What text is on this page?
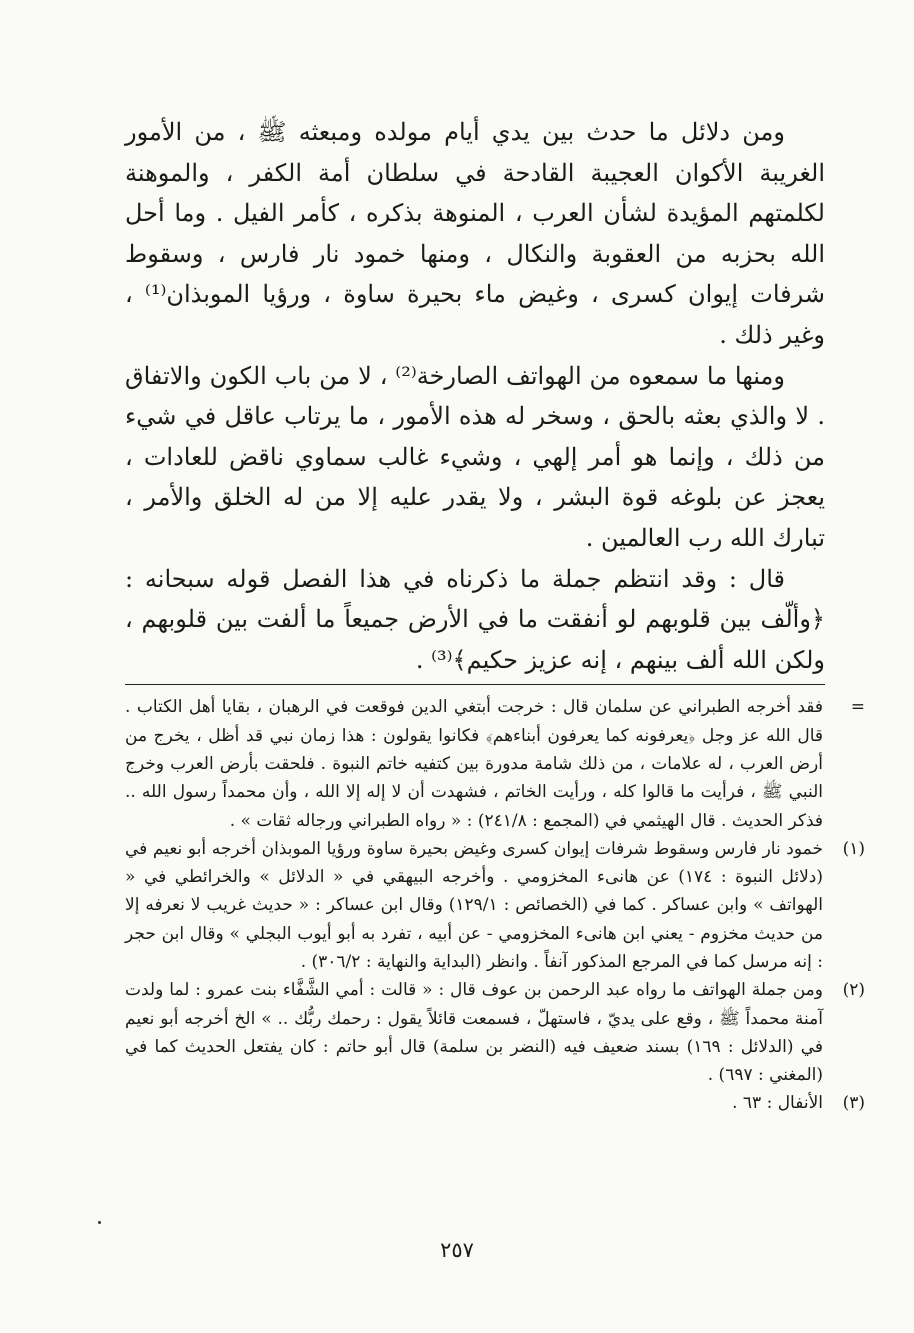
ومن دلائل ما حدث بين يدي أيام مولده ومبعثه ﷺ ، من الأمور الغريبة الأكوان العجيبة القادحة في سلطان أمة الكفر ، والموهنة لكلمتهم المؤيدة لشأن العرب ، المنوهة بذكره ، كأمر الفيل . وما أحل الله بحزبه من العقوبة والنكال ، ومنها خمود نار فارس ، وسقوط شرفات إيوان كسرى ، وغيض ماء بحيرة ساوة ، ورؤيا الموبذان⁽¹⁾ ، وغير ذلك .

ومنها ما سمعوه من الهواتف الصارخة⁽²⁾ ، لا من باب الكون والاتفاق . لا والذي بعثه بالحق ، وسخر له هذه الأمور ، ما يرتاب عاقل في شيء من ذلك ، وإنما هو أمر إلهي ، وشيء غالب سماوي ناقض للعادات ، يعجز عن بلوغه قوة البشر ، ولا يقدر عليه إلا من له الخلق والأمر ، تبارك الله رب العالمين .

قال : وقد انتظم جملة ما ذكرناه في هذا الفصل قوله سبحانه : ﴿وألّف بين قلوبهم لو أنفقت ما في الأرض جميعاً ما ألفت بين قلوبهم ، ولكن الله ألف بينهم ، إنه عزيز حكيم﴾⁽³⁾ .

=
فقد أخرجه الطبراني عن سلمان قال : خرجت أبتغي الدين فوقعت في الرهبان ، بقايا أهل الكتاب . قال الله عز وجل ﴿يعرفونه كما يعرفون أبناءهم﴾ فكانوا يقولون : هذا زمان نبي قد أظل ، يخرج من أرض العرب ، له علامات ، من ذلك شامة مدورة بين كتفيه خاتم النبوة . فلحقت بأرض العرب وخرج النبي ﷺ ، فرأيت ما قالوا كله ، ورأيت الخاتم ، فشهدت أن لا إله إلا الله ، وأن محمداً رسول الله .. فذكر الحديث . قال الهيثمي في (المجمع : ٢٤١/٨) : « رواه الطبراني ورجاله ثقات » .
(١)
خمود نار فارس وسقوط شرفات إيوان كسرى وغيض بحيرة ساوة ورؤيا الموبذان أخرجه أبو نعيم في (دلائل النبوة : ١٧٤) عن هانىء المخزومي . وأخرجه البيهقي في « الدلائل » والخرائطي في « الهواتف » وابن عساكر . كما في (الخصائص : ١٢٩/١) وقال ابن عساكر : « حديث غريب لا نعرفه إلا من حديث مخزوم - يعني ابن هانىء المخزومي - عن أبيه ، تفرد به أبو أيوب البجلي » وقال ابن حجر : إنه مرسل كما في المرجع المذكور آنفاً . وانظر (البداية والنهاية : ٣٠٦/٢) .
(٢)
ومن جملة الهواتف ما رواه عبد الرحمن بن عوف قال : « قالت : أمي الشَّفَّاء بنت عمرو : لما ولدت آمنة محمداً ﷺ ، وقع على يديّ ، فاستهلّ ، فسمعت قائلاً يقول : رحمك ربُّك .. » الخ أخرجه أبو نعيم في (الدلائل : ١٦٩) بسند ضعيف فيه (النضر بن سلمة) قال أبو حاتم : كان يفتعل الحديث كما في (المغني : ٦٩٧) .
(٣)
الأنفال : ٦٣ .
٢٥٧
